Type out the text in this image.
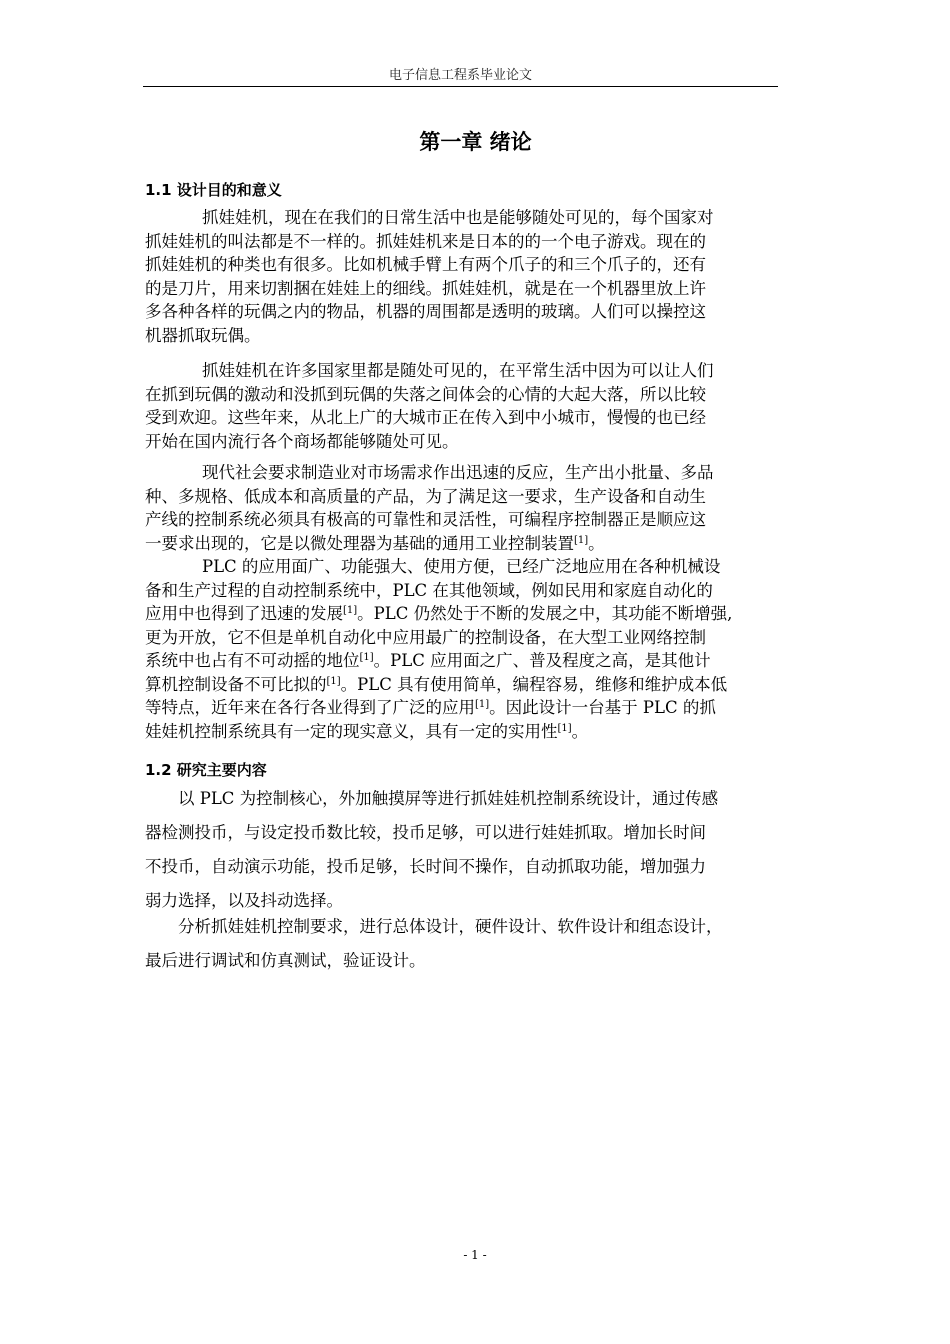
电子信息工程系毕业论文
第一章 绪论
1.1 设计目的和意义
抓娃娃机，现在在我们的日常生活中也是能够随处可见的，每个国家对
抓娃娃机的叫法都是不一样的。抓娃娃机来是日本的的一个电子游戏。现在的
抓娃娃机的种类也有很多。比如机械手臂上有两个爪子的和三个爪子的，还有
的是刀片，用来切割捆在娃娃上的细线。抓娃娃机，就是在一个机器里放上许
多各种各样的玩偶之内的物品，机器的周围都是透明的玻璃。人们可以操控这
机器抓取玩偶。
抓娃娃机在许多国家里都是随处可见的，在平常生活中因为可以让人们
在抓到玩偶的激动和没抓到玩偶的失落之间体会的心情的大起大落，所以比较
受到欢迎。这些年来，从北上广的大城市正在传入到中小城市，慢慢的也已经
开始在国内流行各个商场都能够随处可见。
现代社会要求制造业对市场需求作出迅速的反应，生产出小批量、多品
种、多规格、低成本和高质量的产品，为了满足这一要求，生产设备和自动生
产线的控制系统必须具有极高的可靠性和灵活性，可编程序控制器正是顺应这
一要求出现的，它是以微处理器为基础的通用工业控制装置[1]。
PLC 的应用面广、功能强大、使用方便，已经广泛地应用在各种机械设
备和生产过程的自动控制系统中，PLC 在其他领域，例如民用和家庭自动化的
应用中也得到了迅速的发展[1]。PLC 仍然处于不断的发展之中，其功能不断增强,
更为开放，它不但是单机自动化中应用最广的控制设备，在大型工业网络控制
系统中也占有不可动摇的地位[1]。PLC 应用面之广、普及程度之高，是其他计
算机控制设备不可比拟的[1]。PLC 具有使用简单，编程容易，维修和维护成本低
等特点，近年来在各行各业得到了广泛的应用[1]。因此设计一台基于 PLC 的抓
娃娃机控制系统具有一定的现实意义，具有一定的实用性[1]。
1.2 研究主要内容
以 PLC 为控制核心，外加触摸屏等进行抓娃娃机控制系统设计，通过传感
器检测投币，与设定投币数比较，投币足够，可以进行娃娃抓取。增加长时间
不投币，自动演示功能，投币足够，长时间不操作，自动抓取功能，增加强力
弱力选择，以及抖动选择。
分析抓娃娃机控制要求，进行总体设计，硬件设计、软件设计和组态设计，
最后进行调试和仿真测试，验证设计。
- 1 -
